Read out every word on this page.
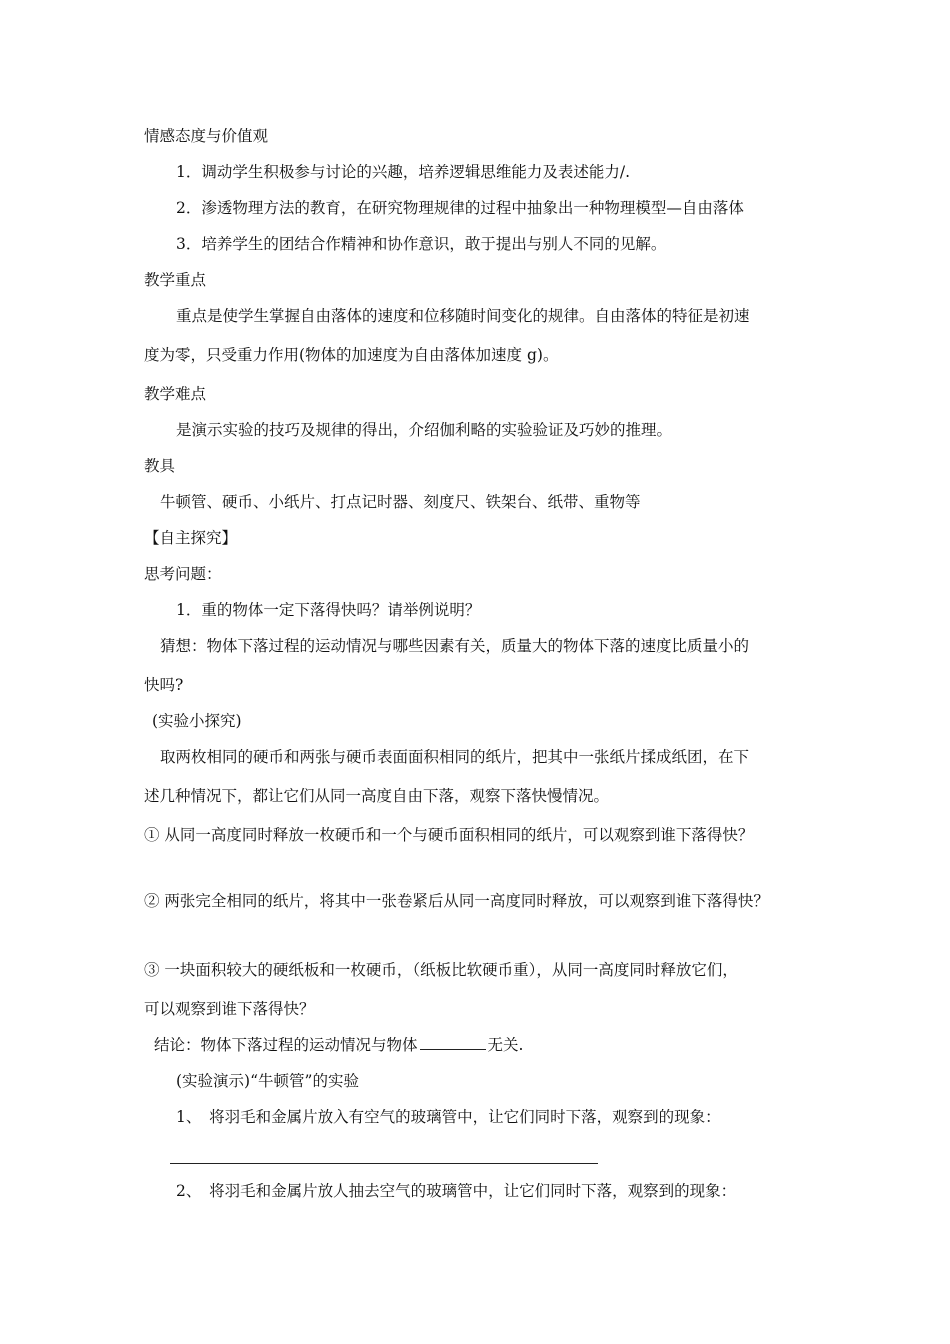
情感态度与价值观
1．调动学生积极参与讨论的兴趣，培养逻辑思维能力及表述能力/.
2．渗透物理方法的教育，在研究物理规律的过程中抽象出一种物理模型—自由落体
3．培养学生的团结合作精神和协作意识，敢于提出与别人不同的见解。
教学重点
重点是使学生掌握自由落体的速度和位移随时间变化的规律。自由落体的特征是初速
度为零，只受重力作用(物体的加速度为自由落体加速度 g)。
教学难点
是演示实验的技巧及规律的得出，介绍伽利略的实验验证及巧妙的推理。
教具
牛顿管、硬币、小纸片、打点记时器、刻度尺、铁架台、纸带、重物等
【自主探究】
思考问题：
1．重的物体一定下落得快吗？请举例说明？
猜想：物体下落过程的运动情况与哪些因素有关，质量大的物体下落的速度比质量小的
快吗?
(实验小探究)
取两枚相同的硬币和两张与硬币表面面积相同的纸片，把其中一张纸片揉成纸团，在下
述几种情况下，都让它们从同一高度自由下落，观察下落快慢情况。
① 从同一高度同时释放一枚硬币和一个与硬币面积相同的纸片，可以观察到谁下落得快？
② 两张完全相同的纸片，将其中一张卷紧后从同一高度同时释放，可以观察到谁下落得快？
③ 一块面积较大的硬纸板和一枚硬币，（纸板比软硬币重），从同一高度同时释放它们，
可以观察到谁下落得快？
结论：物体下落过程的运动情况与物体	无关.
(实验演示)“牛顿管”的实验
1、　将羽毛和金属片放入有空气的玻璃管中，让它们同时下落，观察到的现象：
2、　将羽毛和金属片放人抽去空气的玻璃管中，让它们同时下落，观察到的现象：
